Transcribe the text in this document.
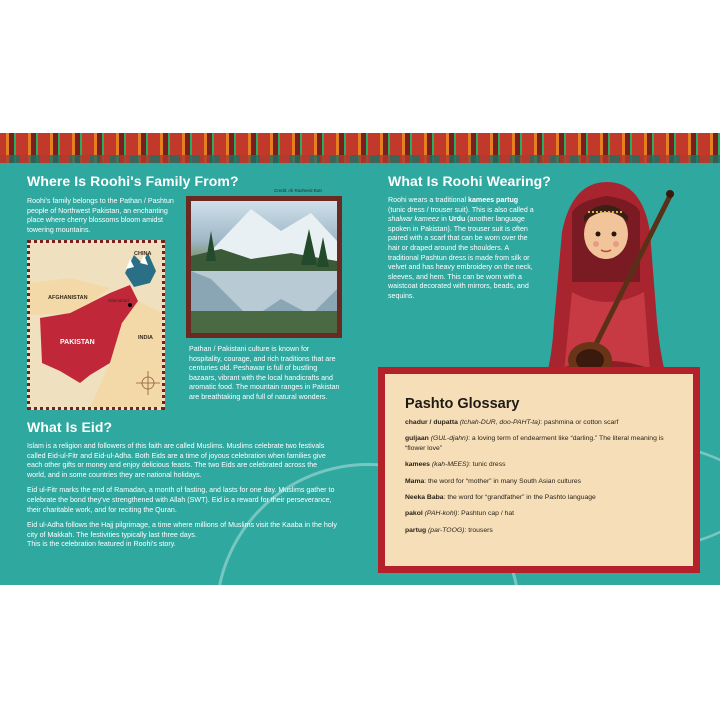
Where Is Roohi's Family From?

Roohi's family belongs to the Pathan / Pashtun people of Northwest Pakistan, an enchanting place where cherry blossoms bloom amidst towering mountains.

Credit: Ali Rasheed Butt
CHINA
AFGHANISTAN	Islamabad
PAKISTAN
INDIA

Pathan / Pakistani culture is known for hospitality, courage, and rich traditions that are centuries old. Peshawar is full of bustling bazaars, vibrant with the local handicrafts and aromatic food. The mountain ranges in Pakistan are breathtaking and full of natural wonders.

What Is Eid?

Islam is a religion and followers of this faith are called Muslims. Muslims celebrate two festivals called Eid-ul-Fitr and Eid-ul-Adha. Both Eids are a time of joyous celebration when families give each other gifts or money and enjoy delicious feasts. The two Eids are celebrated across the world, and in some countries they are national holidays.

Eid ul-Fitr marks the end of Ramadan, a month of fasting, and lasts for one day. Muslims gather to celebrate the bond they've strengthened with Allah (SWT). Eid is a reward for their perseverance, their charitable work, and for reciting the Quran.

Eid ul-Adha follows the Hajj pilgrimage, a time where millions of Muslims visit the Kaaba in the holy city of Makkah. The festivities typically last three days.
This is the celebration featured in Roohi's story.

What Is Roohi Wearing?

Roohi wears a traditional kamees partug (tunic dress / trouser suit). This is also called a shalwar kameez in Urdu (another language spoken in Pakistan). The trouser suit is often paired with a scarf that can be worn over the hair or draped around the shoulders. A traditional Pashtun dress is made from silk or velvet and has heavy embroidery on the neck, sleeves, and hem. This can be worn with a waistcoat decorated with mirrors, beads, and sequins.

Pashto Glossary
chadur / dupatta (tchah-DUR, doo-PAHT-ta): pashmina or cotton scarf
guljaan (GUL-djahn): a loving term of endearment like “darling.” The literal meaning is “flower love”
kamees (kah-MEES): tunic dress
Mama: the word for “mother” in many South Asian cultures
Neeka Baba: the word for “grandfather” in the Pashto language
pakol (PAH-kohl): Pashtun cap / hat
partug (par-TOOG): trousers
